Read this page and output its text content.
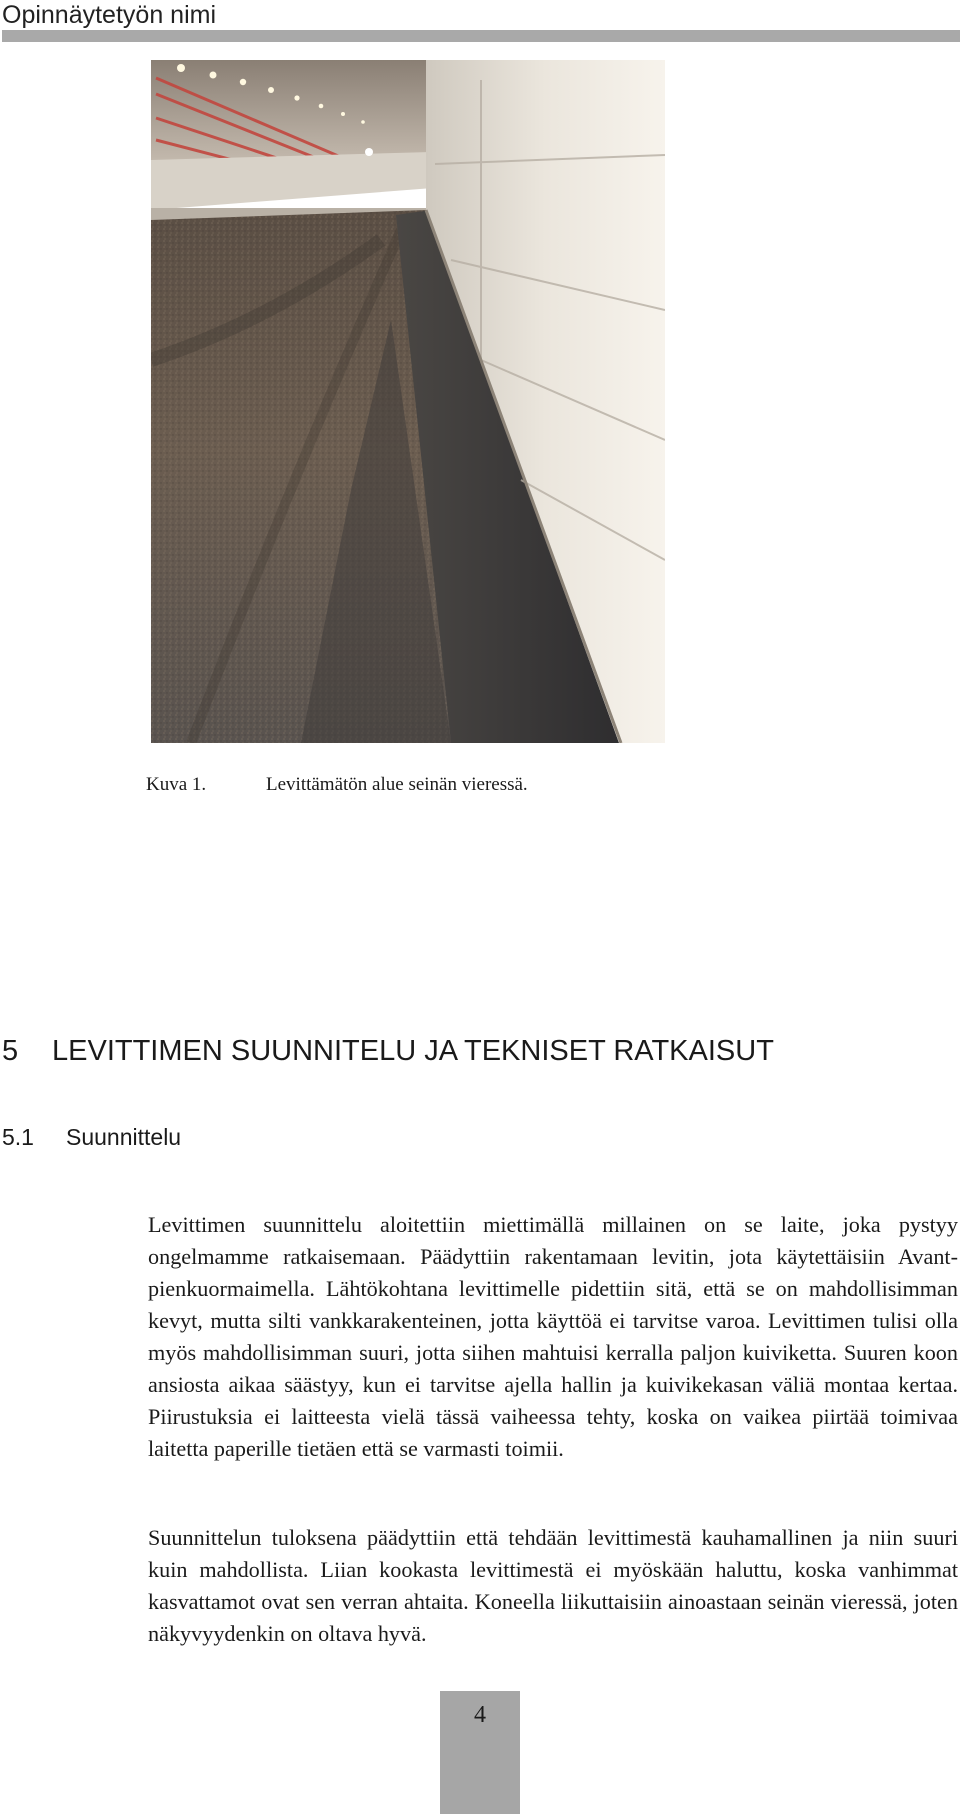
Opinnäytetyön nimi
Kuva 1.	Levittämätön alue seinän vieressä.
5 LEVITTIMEN SUUNNITELU JA TEKNISET RATKAISUT
5.1 Suunnittelu

Levittimen suunnittelu aloitettiin miettimällä millainen on se laite, joka pystyy ongelmamme ratkaisemaan. Päädyttiin rakentamaan levitin, jota käytettäisiin Avant-pienkuormaimella. Lähtökohtana levittimelle pidettiin sitä, että se on mahdollisimman kevyt, mutta silti vankkarakenteinen, jotta käyttöä ei tarvitse varoa. Levittimen tulisi olla myös mahdollisimman suuri, jotta siihen mahtuisi kerralla paljon kuiviketta. Suuren koon ansiosta aikaa säästyy, kun ei tarvitse ajella hallin ja kuivikekasan väliä montaa kertaa. Piirustuksia ei laitteesta vielä tässä vaiheessa tehty, koska on vaikea piirtää toimivaa laitetta paperille tietäen että se varmasti toimii.

Suunnittelun tuloksena päädyttiin että tehdään levittimestä kauhamallinen ja niin suuri kuin mahdollista. Liian kookasta levittimestä ei myöskään haluttu, koska vanhimmat kasvattamot ovat sen verran ahtaita. Koneella liikuttaisiin ainoastaan seinän vieressä, joten näkyvyydenkin on oltava hyvä.

4
